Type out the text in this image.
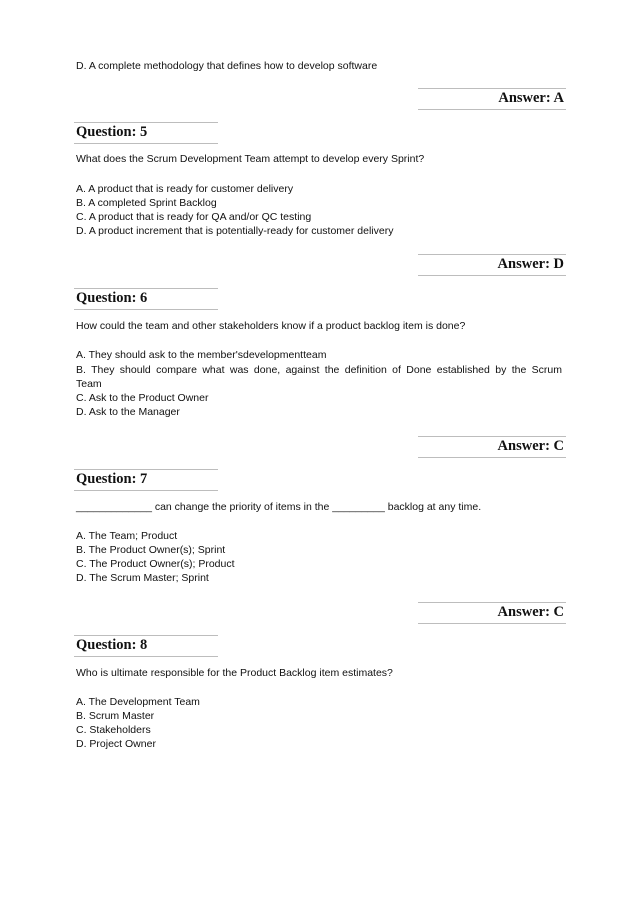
D. A complete methodology that defines how to develop software
Answer: A
Question: 5
What does the Scrum Development Team attempt to develop every Sprint?
A. A product that is ready for customer delivery
B. A completed Sprint Backlog
C. A product that is ready for QA and/or QC testing
D. A product increment that is potentially-ready for customer delivery
Answer: D
Question: 6
How could the team and other stakeholders know if a product backlog item is done?
A. They should ask to the member'sdevelopmentteam
B. They should compare what was done, against the definition of Done established by the Scrum
Team
C. Ask to the Product Owner
D. Ask to the Manager
Answer: C
Question: 7
_____________ can change the priority of items in the _________ backlog at any time.
A. The Team; Product
B. The Product Owner(s); Sprint
C. The Product Owner(s); Product
D. The Scrum Master; Sprint
Answer: C
Question: 8
Who is ultimate responsible for the Product Backlog item estimates?
A. The Development Team
B. Scrum Master
C. Stakeholders
D. Project Owner
